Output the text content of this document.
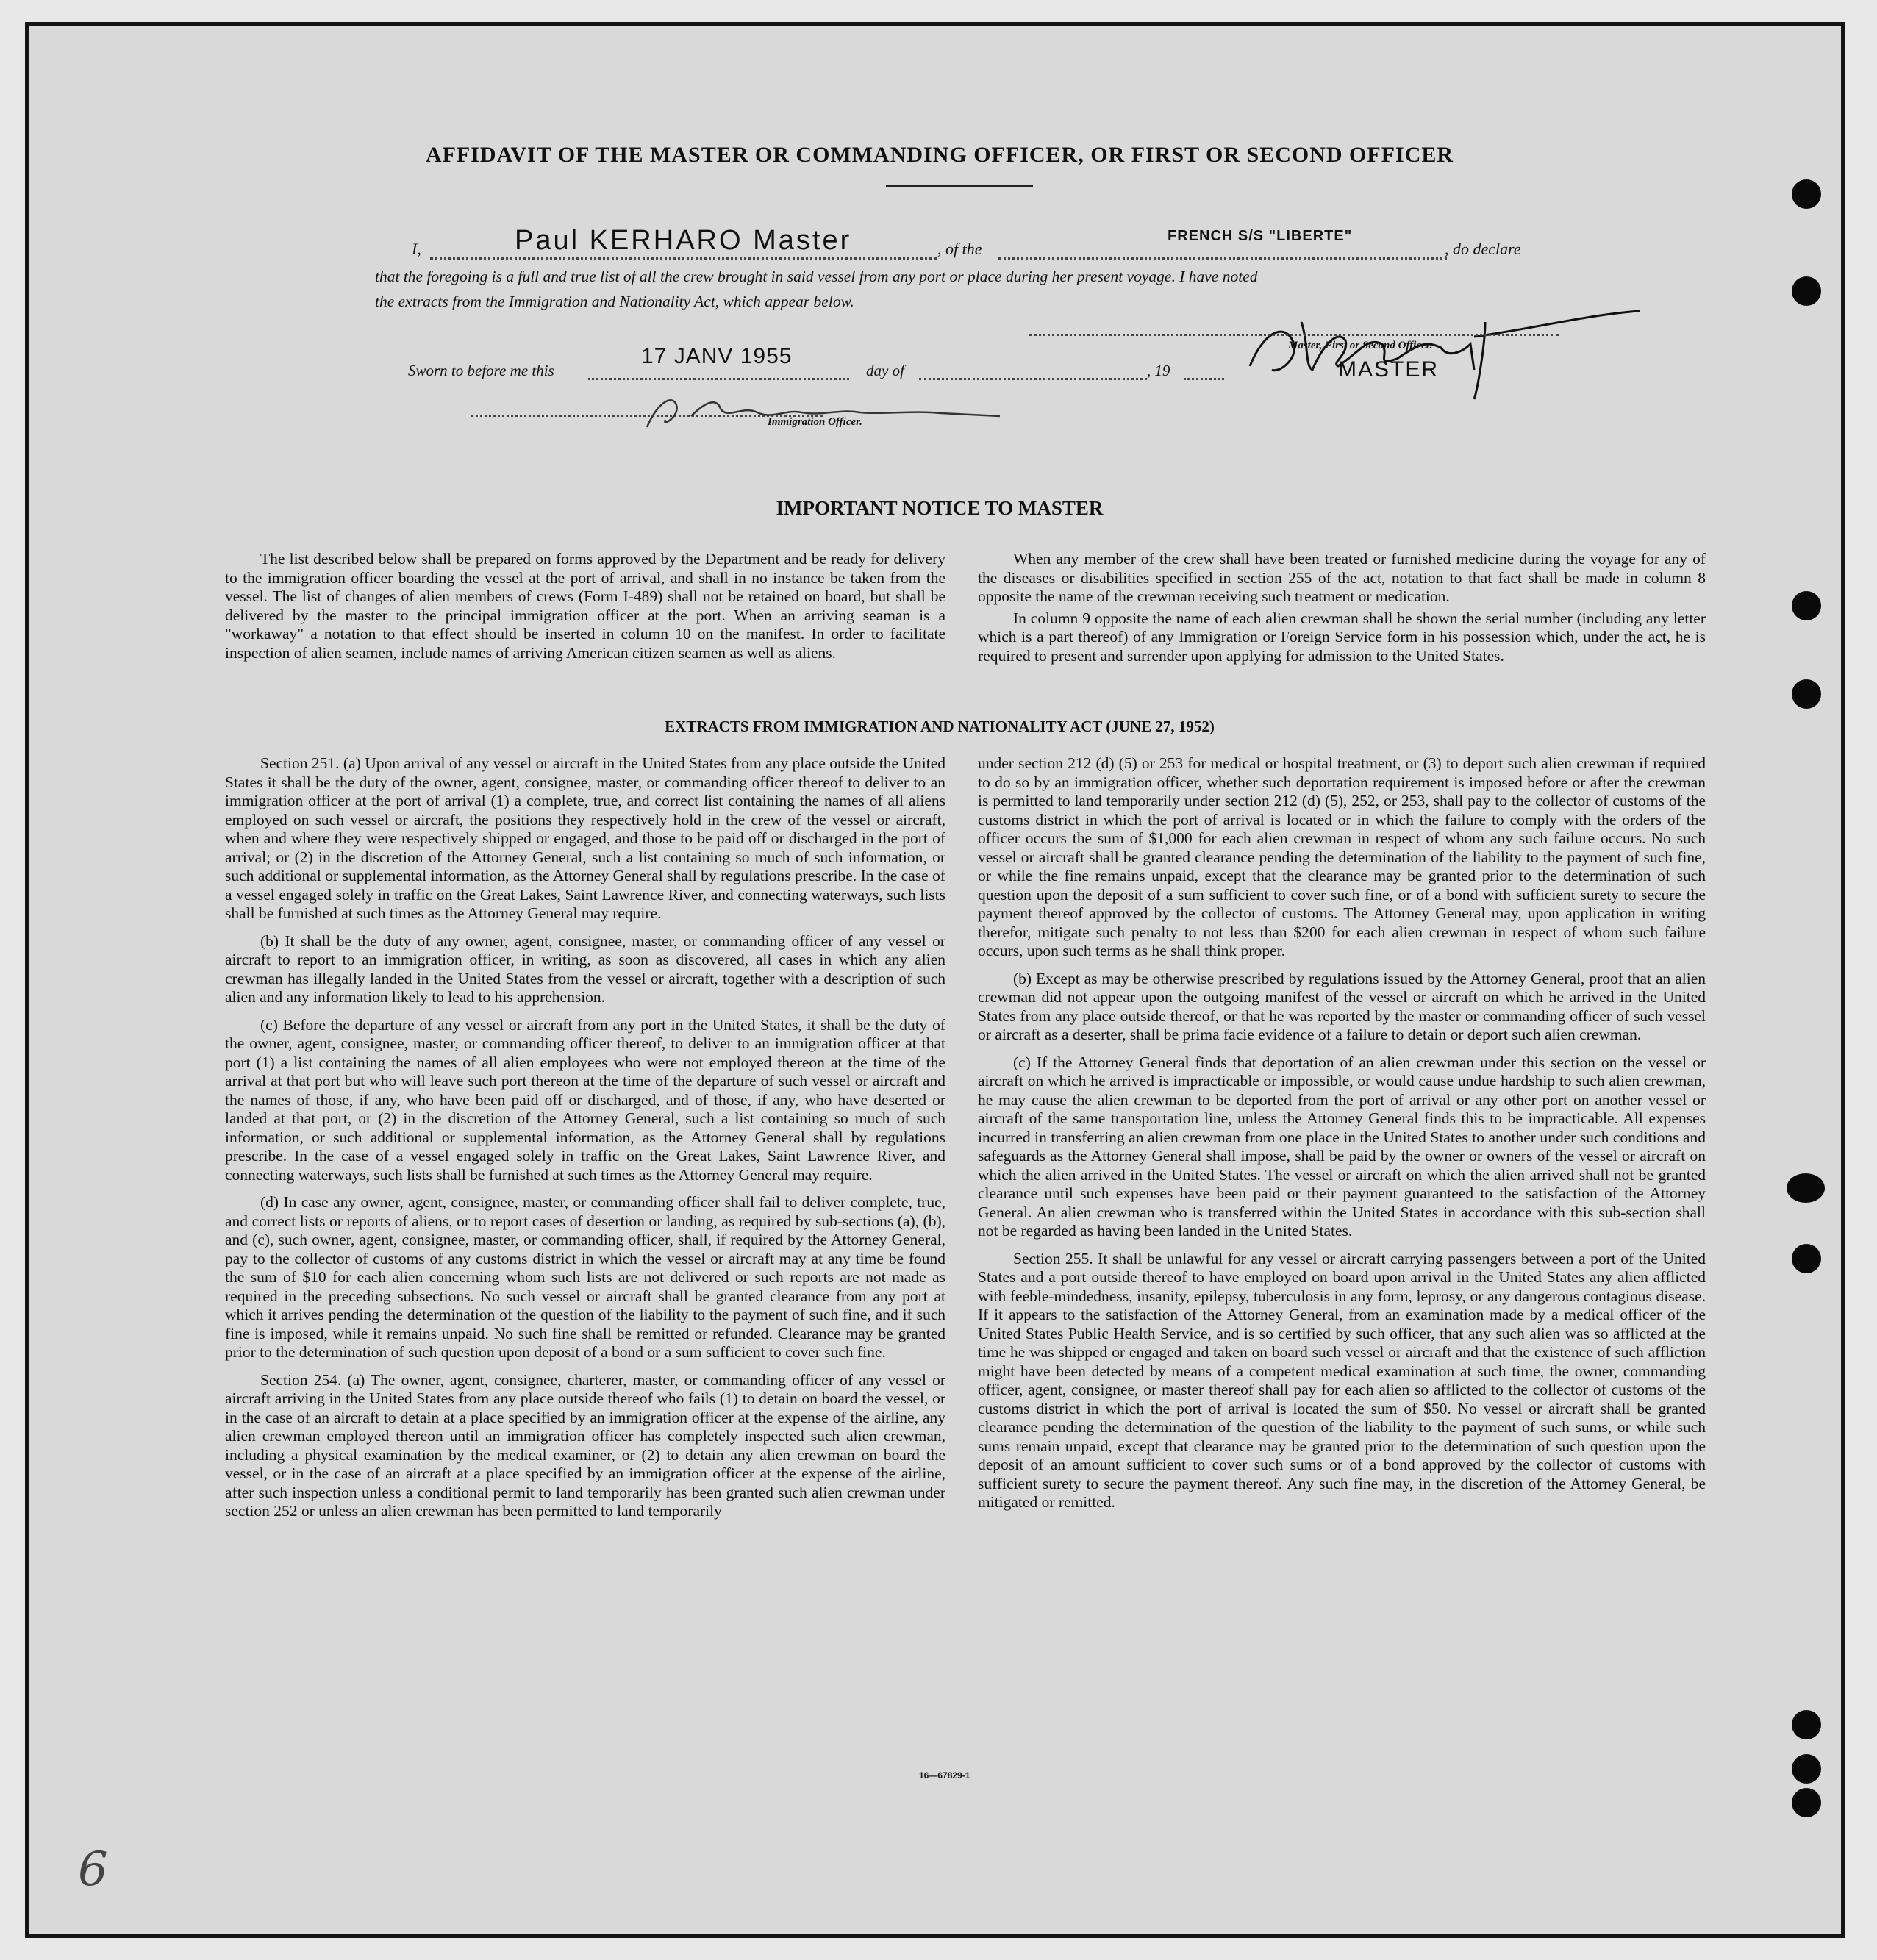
AFFIDAVIT OF THE MASTER OR COMMANDING OFFICER, OR FIRST OR SECOND OFFICER
I,	Paul KERHARO Master	, of the
FRENCH S/S "LIBERTE"
, do declare
that the foregoing is a full and true list of all the crew brought in said vessel from any port or place during her present voyage. I have noted
the extracts from the Immigration and Nationality Act, which appear below.
Master, First or Second Officer.
MASTER
Sworn to before me this
17 JANV 1955
day of	, 19
Immigration Officer.
IMPORTANT NOTICE TO MASTER

The list described below shall be prepared on forms approved by the Department and be ready for delivery to the immigration officer boarding the vessel at the port of arrival, and shall in no instance be taken from the vessel. The list of changes of alien members of crews (Form I-489) shall not be retained on board, but shall be delivered by the master to the principal immigration officer at the port. When an arriving seaman is a "workaway" a notation to that effect should be inserted in column 10 on the manifest. In order to facilitate inspection of alien seamen, include names of arriving American citizen seamen as well as aliens.

When any member of the crew shall have been treated or furnished medicine during the voyage for any of the diseases or disabilities specified in section 255 of the act, notation to that fact shall be made in column 8 opposite the name of the crewman receiving such treatment or medication.

In column 9 opposite the name of each alien crewman shall be shown the serial number (including any letter which is a part thereof) of any Immigration or Foreign Service form in his possession which, under the act, he is required to present and surrender upon applying for admission to the United States.

EXTRACTS FROM IMMIGRATION AND NATIONALITY ACT (JUNE 27, 1952)

Section 251. (a) Upon arrival of any vessel or aircraft in the United States from any place outside the United States it shall be the duty of the owner, agent, consignee, master, or commanding officer thereof to deliver to an immigration officer at the port of arrival (1) a complete, true, and correct list containing the names of all aliens employed on such vessel or aircraft, the positions they respectively hold in the crew of the vessel or aircraft, when and where they were respectively shipped or engaged, and those to be paid off or discharged in the port of arrival; or (2) in the discretion of the Attorney General, such a list containing so much of such information, or such additional or supplemental information, as the Attorney General shall by regulations prescribe. In the case of a vessel engaged solely in traffic on the Great Lakes, Saint Lawrence River, and connecting waterways, such lists shall be furnished at such times as the Attorney General may require.

(b) It shall be the duty of any owner, agent, consignee, master, or commanding officer of any vessel or aircraft to report to an immigration officer, in writing, as soon as discovered, all cases in which any alien crewman has illegally landed in the United States from the vessel or aircraft, together with a description of such alien and any information likely to lead to his apprehension.

(c) Before the departure of any vessel or aircraft from any port in the United States, it shall be the duty of the owner, agent, consignee, master, or commanding officer thereof, to deliver to an immigration officer at that port (1) a list containing the names of all alien employees who were not employed thereon at the time of the arrival at that port but who will leave such port thereon at the time of the departure of such vessel or aircraft and the names of those, if any, who have been paid off or discharged, and of those, if any, who have deserted or landed at that port, or (2) in the discretion of the Attorney General, such a list containing so much of such information, or such additional or supplemental information, as the Attorney General shall by regulations prescribe. In the case of a vessel engaged solely in traffic on the Great Lakes, Saint Lawrence River, and connecting waterways, such lists shall be furnished at such times as the Attorney General may require.

(d) In case any owner, agent, consignee, master, or commanding officer shall fail to deliver complete, true, and correct lists or reports of aliens, or to report cases of desertion or landing, as required by sub-sections (a), (b), and (c), such owner, agent, consignee, master, or commanding officer, shall, if required by the Attorney General, pay to the collector of customs of any customs district in which the vessel or aircraft may at any time be found the sum of $10 for each alien concerning whom such lists are not delivered or such reports are not made as required in the preceding subsections. No such vessel or aircraft shall be granted clearance from any port at which it arrives pending the determination of the question of the liability to the payment of such fine, and if such fine is imposed, while it remains unpaid. No such fine shall be remitted or refunded. Clearance may be granted prior to the determination of such question upon deposit of a bond or a sum sufficient to cover such fine.

Section 254. (a) The owner, agent, consignee, charterer, master, or commanding officer of any vessel or aircraft arriving in the United States from any place outside thereof who fails (1) to detain on board the vessel, or in the case of an aircraft to detain at a place specified by an immigration officer at the expense of the airline, any alien crewman employed thereon until an immigration officer has completely inspected such alien crewman, including a physical examination by the medical examiner, or (2) to detain any alien crewman on board the vessel, or in the case of an aircraft at a place specified by an immigration officer at the expense of the airline, after such inspection unless a conditional permit to land temporarily has been granted such alien crewman under section 252 or unless an alien crewman has been permitted to land temporarily

under section 212 (d) (5) or 253 for medical or hospital treatment, or (3) to deport such alien crewman if required to do so by an immigration officer, whether such deportation requirement is imposed before or after the crewman is permitted to land temporarily under section 212 (d) (5), 252, or 253, shall pay to the collector of customs of the customs district in which the port of arrival is located or in which the failure to comply with the orders of the officer occurs the sum of $1,000 for each alien crewman in respect of whom any such failure occurs. No such vessel or aircraft shall be granted clearance pending the determination of the liability to the payment of such fine, or while the fine remains unpaid, except that the clearance may be granted prior to the determination of such question upon the deposit of a sum sufficient to cover such fine, or of a bond with sufficient surety to secure the payment thereof approved by the collector of customs. The Attorney General may, upon application in writing therefor, mitigate such penalty to not less than $200 for each alien crewman in respect of whom such failure occurs, upon such terms as he shall think proper.

(b) Except as may be otherwise prescribed by regulations issued by the Attorney General, proof that an alien crewman did not appear upon the outgoing manifest of the vessel or aircraft on which he arrived in the United States from any place outside thereof, or that he was reported by the master or commanding officer of such vessel or aircraft as a deserter, shall be prima facie evidence of a failure to detain or deport such alien crewman.

(c) If the Attorney General finds that deportation of an alien crewman under this section on the vessel or aircraft on which he arrived is impracticable or impossible, or would cause undue hardship to such alien crewman, he may cause the alien crewman to be deported from the port of arrival or any other port on another vessel or aircraft of the same transportation line, unless the Attorney General finds this to be impracticable. All expenses incurred in transferring an alien crewman from one place in the United States to another under such conditions and safeguards as the Attorney General shall impose, shall be paid by the owner or owners of the vessel or aircraft on which the alien arrived in the United States. The vessel or aircraft on which the alien arrived shall not be granted clearance until such expenses have been paid or their payment guaranteed to the satisfaction of the Attorney General. An alien crewman who is transferred within the United States in accordance with this sub-section shall not be regarded as having been landed in the United States.

Section 255. It shall be unlawful for any vessel or aircraft carrying passengers between a port of the United States and a port outside thereof to have employed on board upon arrival in the United States any alien afflicted with feeble-mindedness, insanity, epilepsy, tuberculosis in any form, leprosy, or any dangerous contagious disease. If it appears to the satisfaction of the Attorney General, from an examination made by a medical officer of the United States Public Health Service, and is so certified by such officer, that any such alien was so afflicted at the time he was shipped or engaged and taken on board such vessel or aircraft and that the existence of such affliction might have been detected by means of a competent medical examination at such time, the owner, commanding officer, agent, consignee, or master thereof shall pay for each alien so afflicted to the collector of customs of the customs district in which the port of arrival is located the sum of $50. No vessel or aircraft shall be granted clearance pending the determination of the question of the liability to the payment of such sums, or while such sums remain unpaid, except that clearance may be granted prior to the determination of such question upon the deposit of an amount sufficient to cover such sums or of a bond approved by the collector of customs with sufficient surety to secure the payment thereof. Any such fine may, in the discretion of the Attorney General, be mitigated or remitted.

16—67829-1
6
